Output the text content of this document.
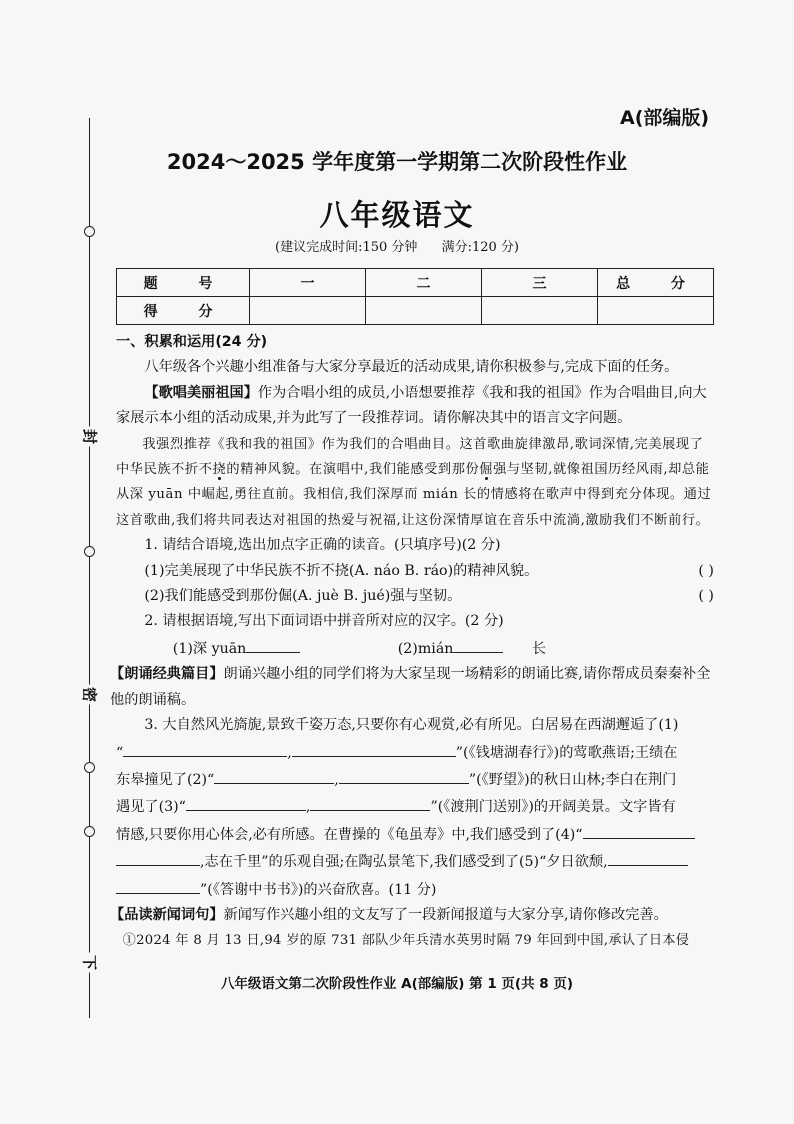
封
密
下
A(部编版)
2024～2025 学年度第一学期第二次阶段性作业
八年级语文
(建议完成时间:150 分钟 满分:120 分)
题 号	一	二	三	总 分
得 分				

一、积累和运用(24 分)

八年级各个兴趣小组准备与大家分享最近的活动成果,请你积极参与,完成下面的任务。

【歌唱美丽祖国】作为合唱小组的成员,小语想要推荐《我和我的祖国》作为合唱曲目,向大家展示本小组的活动成果,并为此写了一段推荐词。请你解决其中的语言文字问题。

我强烈推荐《我和我的祖国》作为我们的合唱曲目。这首歌曲旋律激昂,歌词深情,完美展现了中华民族不折不挠的精神风貌。在演唱中,我们能感受到那份倔强与坚韧,就像祖国历经风雨,却总能从深 yuān 中崛起,勇往直前。我相信,我们深厚而 mián 长的情感将在歌声中得到充分体现。通过这首歌曲,我们将共同表达对祖国的热爱与祝福,让这份深情厚谊在音乐中流淌,激励我们不断前行。

1. 请结合语境,选出加点字正确的读音。(只填序号)(2 分)

(1)完美展现了中华民族不折不挠(A. náo B. ráo)的精神风貌。	( )
(2)我们能感受到那份倔(A. juè B. jué)强与坚韧。	( )

2. 请根据语境,写出下面词语中拼音所对应的汉字。(2 分)

(1)深 yuān	(2)mián	长

【朗诵经典篇目】朗诵兴趣小组的同学们将为大家呈现一场精彩的朗诵比赛,请你帮成员秦秦补全他的朗诵稿。

3. 大自然风光旖旎,景致千姿万态,只要你有心观赏,必有所见。白居易在西湖邂逅了(1)

“	,	”(《钱塘湖春行》)的莺歌燕语;王绩在

东皋撞见了(2)“	,	”(《野望》)的秋日山林;李白在荆门

遇见了(3)“	,	”(《渡荆门送别》)的开阔美景。文字皆有

情感,只要你用心体会,必有所感。在曹操的《龟虽寿》中,我们感受到了(4)“

,志在千里”的乐观自强;在陶弘景笔下,我们感受到了(5)“夕日欲颓,

”(《答谢中书书》)的兴奋欣喜。(11 分)

【品读新闻词句】新闻写作兴趣小组的文友写了一段新闻报道与大家分享,请你修改完善。

①2024 年 8 月 13 日,94 岁的原 731 部队少年兵清水英男时隔 79 年回到中国,承认了日本侵

八年级语文第二次阶段性作业 A(部编版) 第 1 页(共 8 页)
